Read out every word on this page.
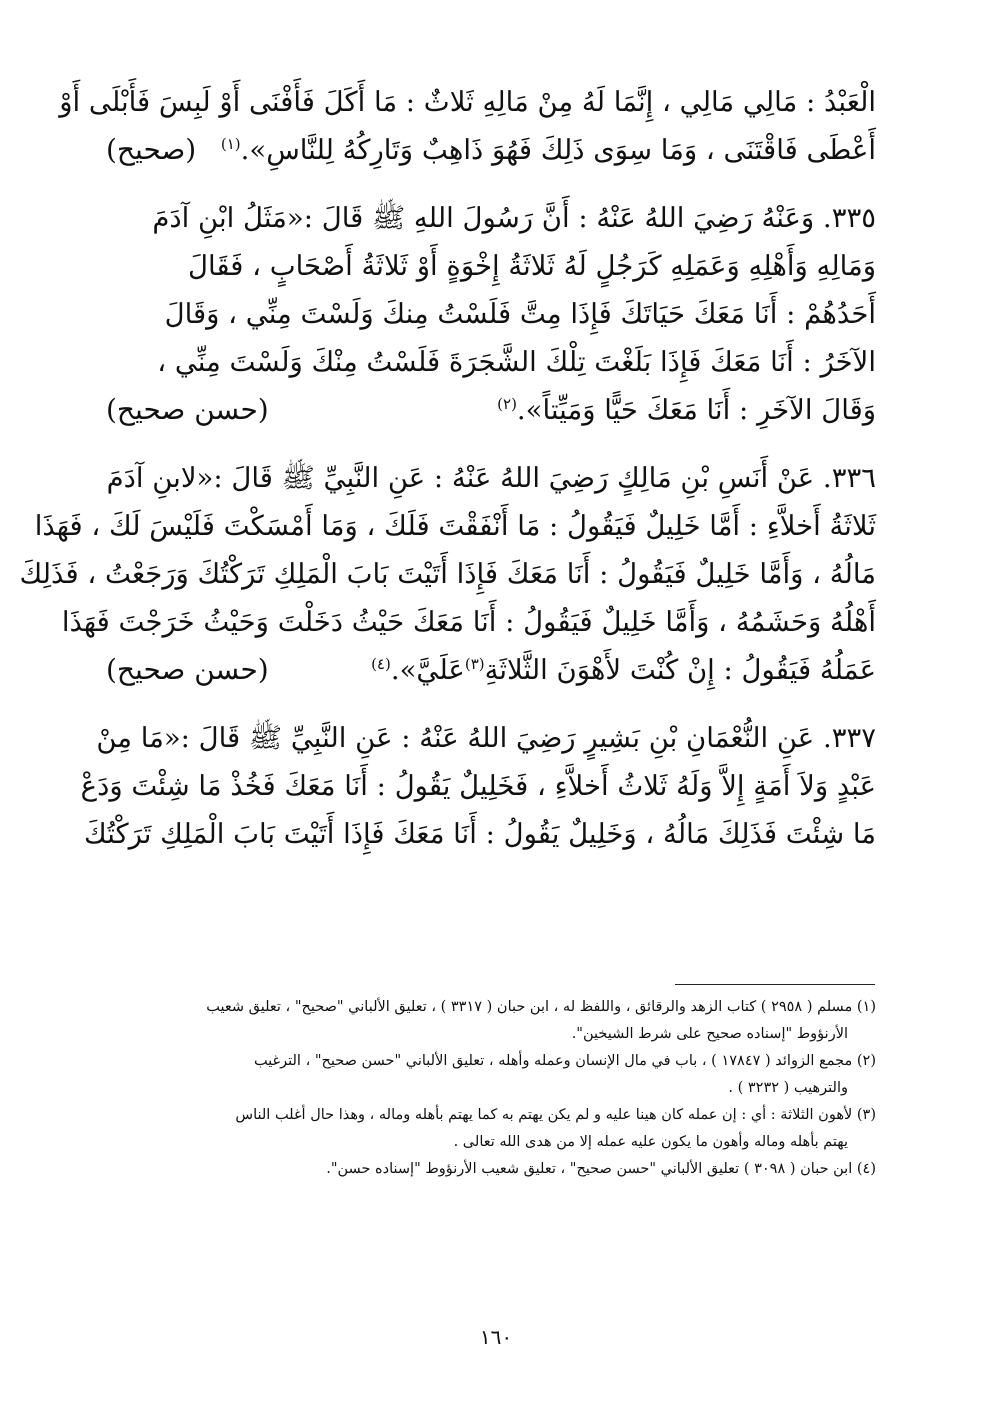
الْعَبْدُ : مَالِي مَالِي ، إِنَّمَا لَهُ مِنْ مَالِهِ ثَلاثٌ : مَا أَكَلَ فَأَفْنَى أَوْ لَبِسَ فَأَبْلَى أَوْ
أَعْطَى فَاقْتَنَى ، وَمَا سِوَى ذَلِكَ فَهُوَ ذَاهِبٌ وَتَارِكُهُ لِلنَّاسِ».$^{(١)}$
(صحيح)
٣٣٥. وَعَنْهُ رَضِيَ اللهُ عَنْهُ : أَنَّ رَسُولَ اللهِ ﷺ قَالَ :«مَثَلُ ابْنِ آدَمَ
وَمَالِهِ وَأَهْلِهِ وَعَمَلِهِ كَرَجُلٍ لَهُ ثَلاثَةُ إِخْوَةٍ أَوْ ثَلاثَةُ أَصْحَابٍ ، فَقَالَ
أَحَدُهُمْ : أَنَا مَعَكَ حَيَاتَكَ فَإِذَا مِتَّ فَلَسْتُ مِنكَ وَلَسْتَ مِنِّي ، وَقَالَ
الآخَرُ : أَنَا مَعَكَ فَإِذَا بَلَغْتَ تِلْكَ الشَّجَرَةَ فَلَسْتُ مِنْكَ وَلَسْتَ مِنِّي ،
وَقَالَ الآخَرِ : أَنَا مَعَكَ حَيًّا وَمَيِّتاً».$^{(٢)}$
(حسن صحيح)
٣٣٦. عَنْ أَنَسِ بْنِ مَالِكٍ رَضِيَ اللهُ عَنْهُ : عَنِ النَّبِيِّ ﷺ قَالَ :«لابنِ آدَمَ
ثَلاثَةُ أَخلاَّءِ : أَمَّا خَلِيلٌ فَيَقُولُ : مَا أَنْفَقْتَ فَلَكَ ، وَمَا أَمْسَكْتَ فَلَيْسَ لَكَ ، فَهَذَا
مَالُهُ ، وَأَمَّا خَلِيلٌ فَيَقُولُ : أَنَا مَعَكَ فَإِذَا أَتَيْتَ بَابَ الْمَلِكِ تَرَكْتُكَ وَرَجَعْتُ ، فَذَلِكَ
أَهْلُهُ وَحَشَمُهُ ، وَأَمَّا خَلِيلٌ فَيَقُولُ : أَنَا مَعَكَ حَيْثُ دَخَلْتَ وَحَيْثُ خَرَجْتَ فَهَذَا
عَمَلُهُ فَيَقُولُ : إِنْ كُنْتَ لأَهْوَنَ الثَّلاثَةِ$^{(٣)}$عَلَيَّ».$^{(٤)}$
(حسن صحيح)
٣٣٧. عَنِ النُّعْمَانِ بْنِ بَشِيرٍ رَضِيَ اللهُ عَنْهُ : عَنِ النَّبِيِّ ﷺ قَالَ :«مَا مِنْ
عَبْدٍ وَلاَ أَمَةٍ إِلاَّ وَلَهُ ثَلاثُ أَخلاَّءِ ، فَخَلِيلٌ يَقُولُ : أَنَا مَعَكَ فَخُذْ مَا شِئْتَ وَدَعْ
مَا شِئْتَ فَذَلِكَ مَالُهُ ، وَخَلِيلٌ يَقُولُ : أَنَا مَعَكَ فَإِذَا أَتَيْتَ بَابَ الْمَلِكِ تَرَكْتُكَ

(١) مسلم ( ٢٩٥٨ ) كتاب الزهد والرقائق ، واللفظ له ، ابن حبان ( ٣٣١٧ ) ، تعليق الألباني "صحيح" ، تعليق شعيب
الأرنؤوط "إسناده صحيح على شرط الشيخين".

(٢) مجمع الزوائد ( ١٧٨٤٧ ) ، باب في مال الإنسان وعمله وأهله ، تعليق الألباني "حسن صحيح" ، الترغيب
والترهيب ( ٣٢٣٢ ) .

(٣) لأهون الثلاثة : أي : إن عمله كان هينا عليه و لم يكن يهتم به كما يهتم بأهله وماله ، وهذا حال أغلب الناس
يهتم بأهله وماله وأهون ما يكون عليه عمله إلا من هدى الله تعالى .

(٤) ابن حبان ( ٣٠٩٨ ) تعليق الألباني "حسن صحيح" ، تعليق شعيب الأرنؤوط "إسناده حسن".

١٦٠
